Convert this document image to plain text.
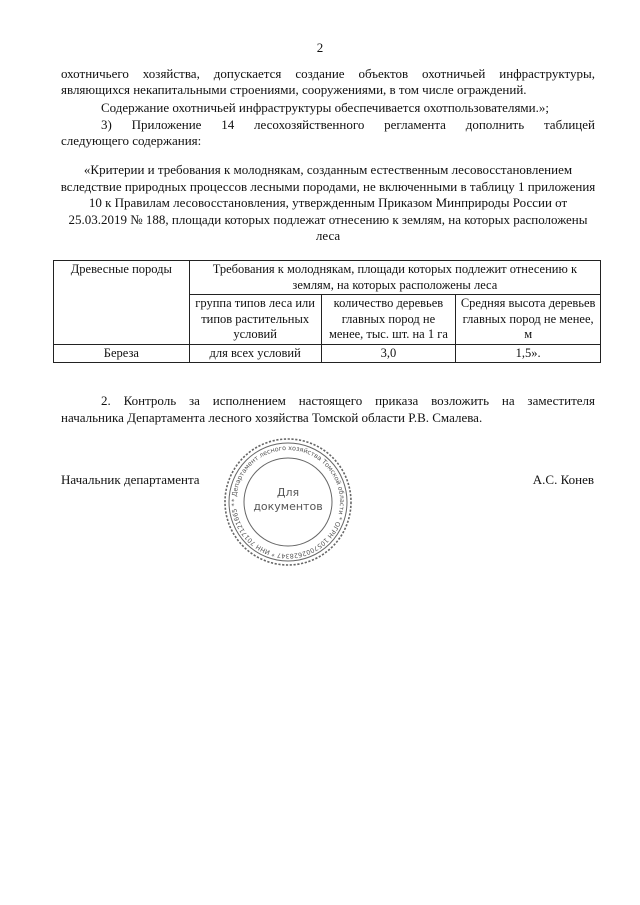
2
охотничьего хозяйства, допускается создание объектов охотничьей инфраструктуры,
являющихся некапитальными строениями, сооружениями, в том числе ограждений.
Содержание охотничьей инфраструктуры обеспечивается охотпользователями.»;
3) Приложение 14 лесохозяйственного регламента дополнить таблицей
следующего содержания:
«Критерии и требования к молоднякам, созданным естественным лесовосстановлением вследствие природных процессов лесными породами, не включенными в таблицу 1 приложения 10 к Правилам лесовосстановления, утвержденным Приказом Минприроды России от 25.03.2019 № 188, площади которых подлежат отнесению к землям, на которых расположены леса
Древесные породы	Требования к молоднякам, площади которых подлежит отнесению к землям, на которых расположены леса		
	группа типов леса или типов растительных условий	количество деревьев главных пород не менее, тыс. шт. на 1 га	Средняя высота деревьев главных пород не менее, м
Береза	для всех условий	3,0	1,5».
2. Контроль за исполнением настоящего приказа возложить на заместителя
начальника Департамента лесного хозяйства Томской области Р.В. Смалева.
Начальник департамента	А.С. Конев
* Департамент лесного хозяйства Томской области * ОГРН 1057002628347 * ИНН 7017121665 *
Для
документов
